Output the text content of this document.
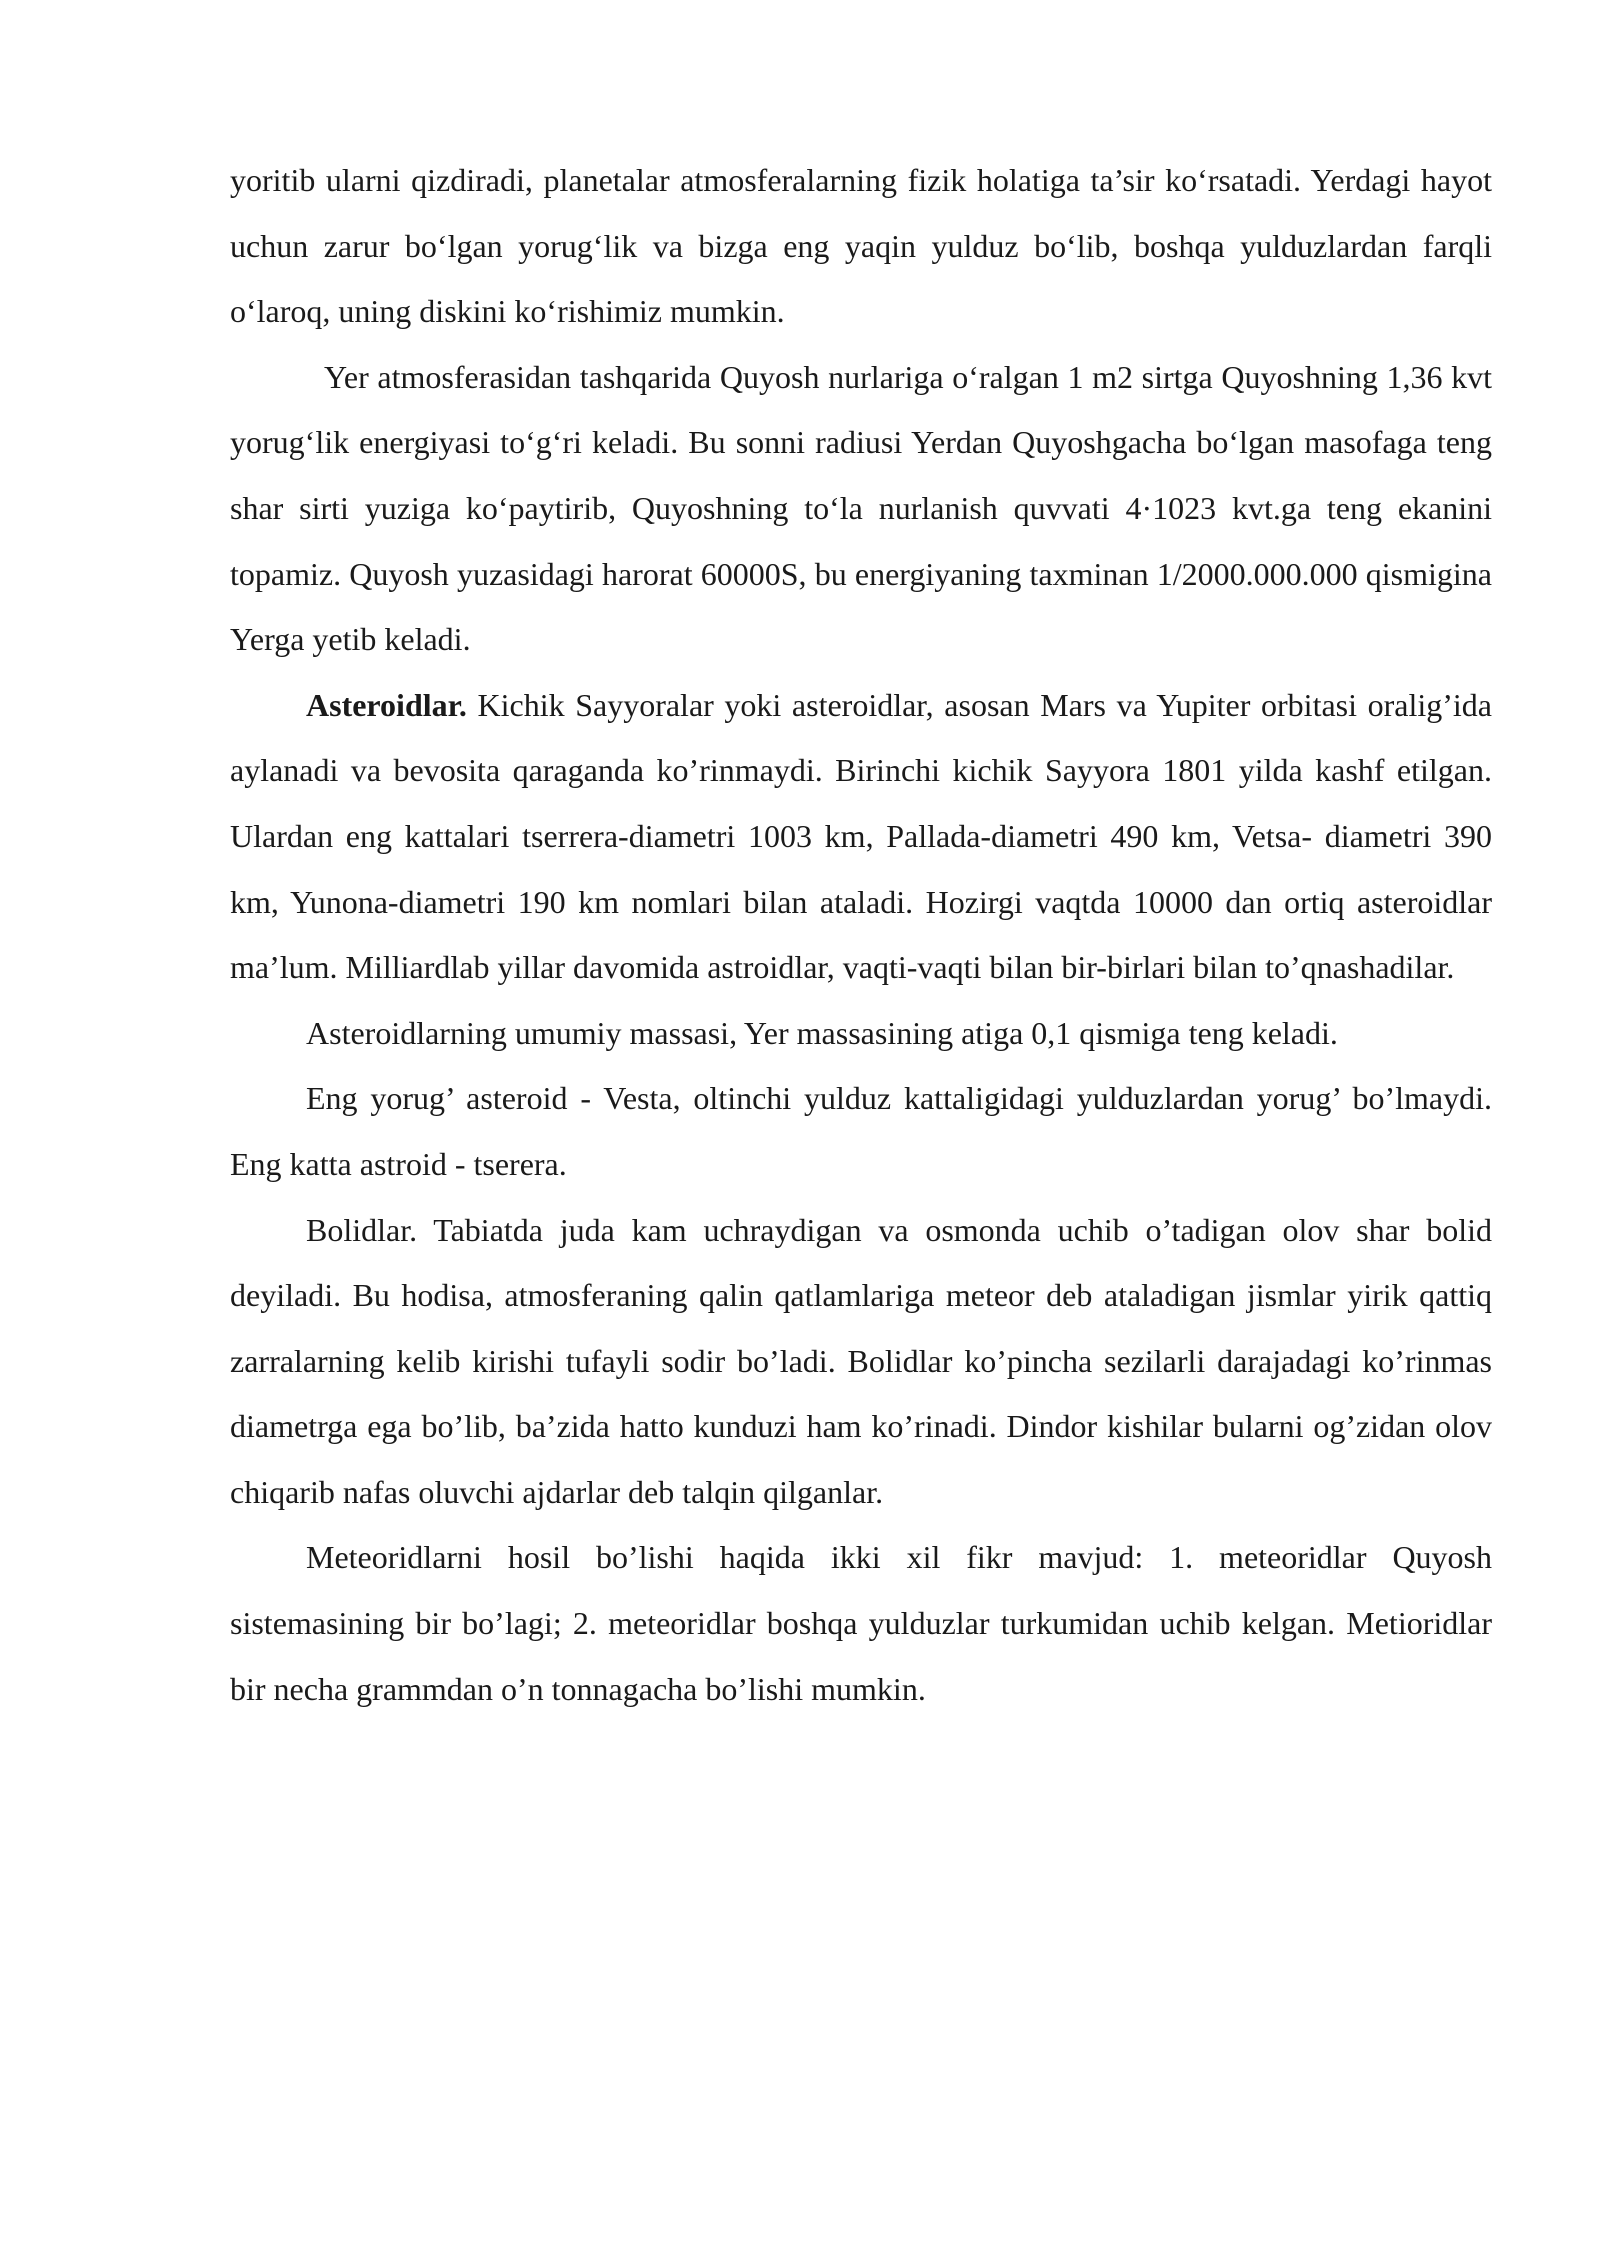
yoritib ularni qizdiradi, planetalar atmosferalarning fizik holatiga ta’sir ko‘rsatadi. Yerdagi hayot uchun zarur bo‘lgan yorug‘lik va bizga eng yaqin yulduz bo‘lib, boshqa yulduzlardan farqli o‘laroq, uning diskini ko‘rishimiz mumkin.

Yer atmosferasidan tashqarida Quyosh nurlariga o‘ralgan 1 m2 sirtga Quyoshning 1,36 kvt yorug‘lik energiyasi to‘g‘ri keladi. Bu sonni radiusi Yerdan Quyoshgacha bo‘lgan masofaga teng shar sirti yuziga ko‘paytirib, Quyoshning to‘la nurlanish quvvati 4·1023 kvt.ga teng ekanini topamiz. Quyosh yuzasidagi harorat 60000S, bu energiyaning taxminan 1/2000.000.000 qismigina Yerga yetib keladi.

Asteroidlar. Kichik Sayyoralar yoki asteroidlar, asosan Mars va Yupiter orbitasi oralig’ida aylanadi va bevosita qaraganda ko’rinmaydi. Birinchi kichik Sayyora 1801 yilda kashf etilgan. Ulardan eng kattalari tserrera-diametri 1003 km, Pallada-diametri 490 km, Vetsa- diametri 390 km, Yunona-diametri 190 km nomlari bilan ataladi. Hozirgi vaqtda 10000 dan ortiq asteroidlar ma’lum. Milliardlab yillar davomida astroidlar, vaqti-vaqti bilan bir-birlari bilan to’qnashadilar.

Asteroidlarning umumiy massasi, Yer massasining atiga 0,1 qismiga teng keladi.

Eng yorug’ asteroid - Vesta, oltinchi yulduz kattaligidagi yulduzlardan yorug’ bo’lmaydi. Eng katta astroid - tserera.

Bolidlar. Tabiatda juda kam uchraydigan va osmonda uchib o’tadigan olov shar bolid deyiladi. Bu hodisa, atmosferaning qalin qatlamlariga meteor deb ataladigan jismlar yirik qattiq zarralarning kelib kirishi tufayli sodir bo’ladi. Bolidlar ko’pincha sezilarli darajadagi ko’rinmas diametrga ega bo’lib, ba’zida hatto kunduzi ham ko’rinadi. Dindor kishilar bularni og’zidan olov chiqarib nafas oluvchi ajdarlar deb talqin qilganlar.

Meteoridlarni hosil bo’lishi haqida ikki xil fikr mavjud: 1. meteoridlar Quyosh sistemasining bir bo’lagi; 2. meteoridlar boshqa yulduzlar turkumidan uchib kelgan. Metioridlar bir necha grammdan o’n tonnagacha bo’lishi mumkin.
